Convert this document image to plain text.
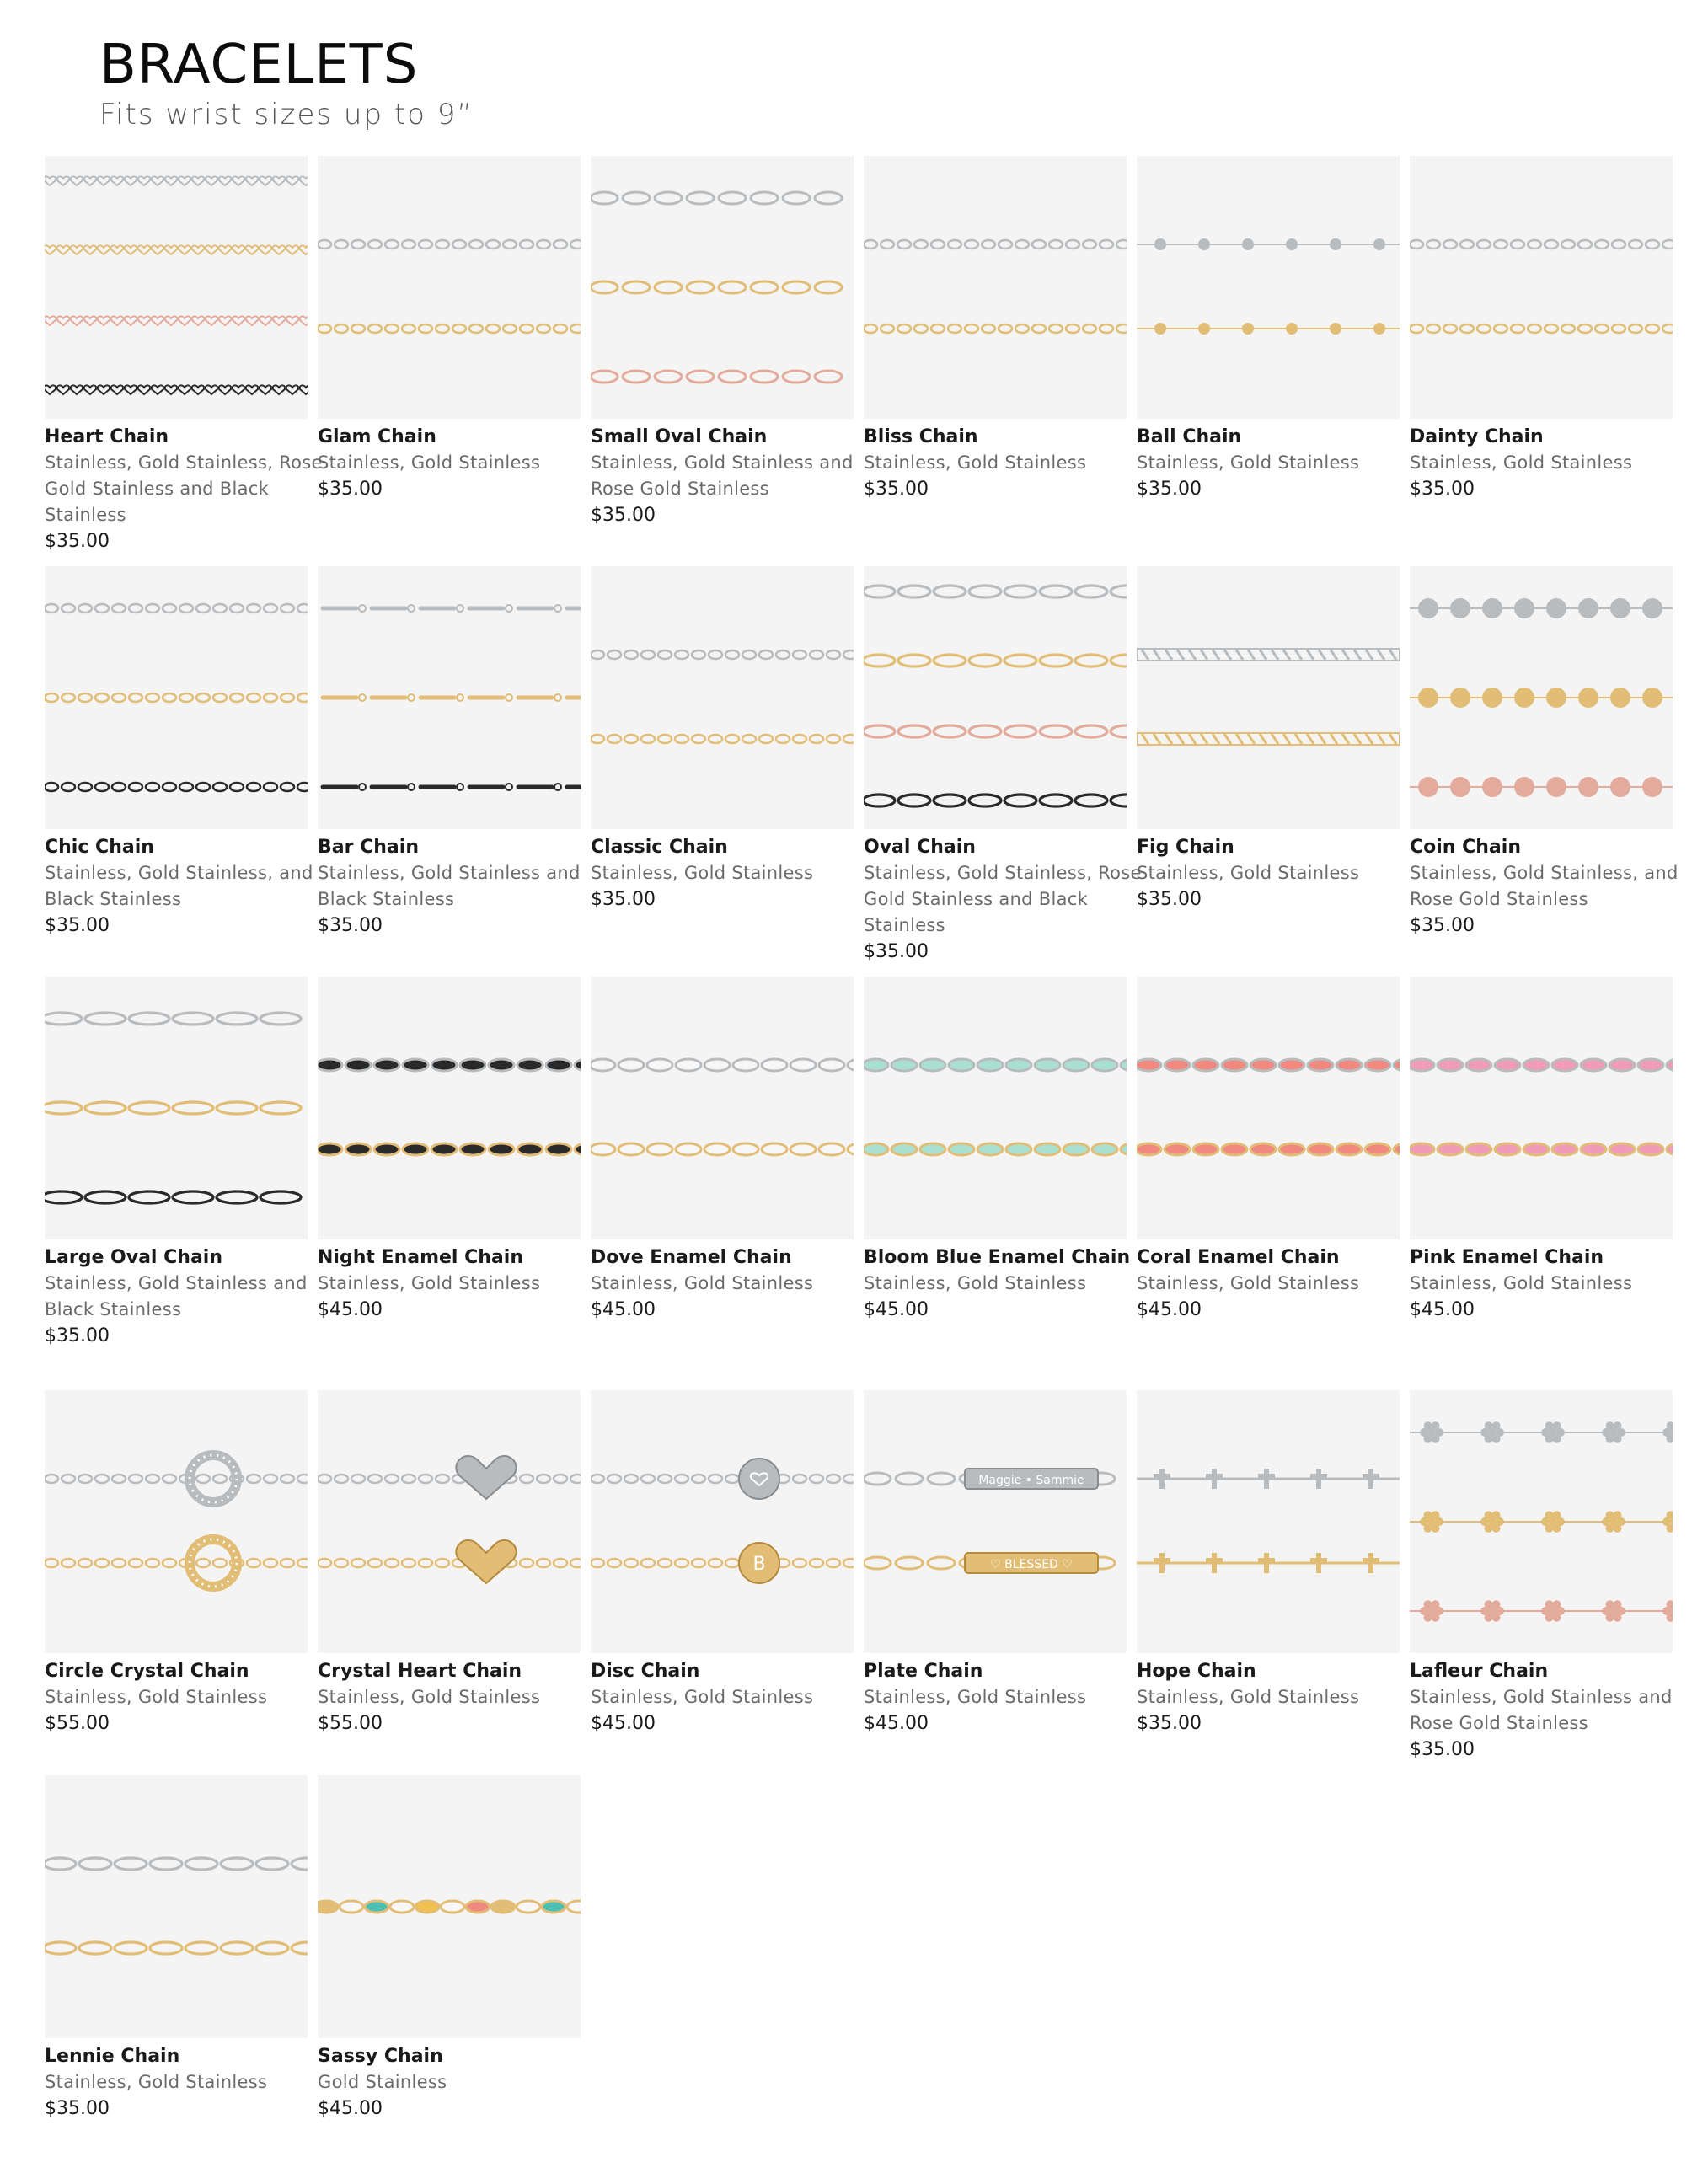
BRACELETS

Fits wrist sizes up to 9”

Heart Chain
Stainless, Gold Stainless, Rose Gold Stainless and Black Stainless
$35.00
Glam Chain
Stainless, Gold Stainless
$35.00
Small Oval Chain
Stainless, Gold Stainless and Rose Gold Stainless
$35.00
Bliss Chain
Stainless, Gold Stainless
$35.00
Ball Chain
Stainless, Gold Stainless
$35.00
Dainty Chain
Stainless, Gold Stainless
$35.00
Chic Chain
Stainless, Gold Stainless, and Black Stainless
$35.00
Bar Chain
Stainless, Gold Stainless and Black Stainless
$35.00
Classic Chain
Stainless, Gold Stainless
$35.00
Oval Chain
Stainless, Gold Stainless, Rose Gold Stainless and Black Stainless
$35.00
Fig Chain
Stainless, Gold Stainless
$35.00
Coin Chain
Stainless, Gold Stainless, and Rose Gold Stainless
$35.00
Large Oval Chain
Stainless, Gold Stainless and Black Stainless
$35.00
Night Enamel Chain
Stainless, Gold Stainless
$45.00
Dove Enamel Chain
Stainless, Gold Stainless
$45.00
Bloom Blue Enamel Chain
Stainless, Gold Stainless
$45.00
Coral Enamel Chain
Stainless, Gold Stainless
$45.00
Pink Enamel Chain
Stainless, Gold Stainless
$45.00
Circle Crystal Chain
Stainless, Gold Stainless
$55.00
Crystal Heart Chain
Stainless, Gold Stainless
$55.00
B
Disc Chain
Stainless, Gold Stainless
$45.00
Maggie • Sammie
♡ BLESSED ♡
Plate Chain
Stainless, Gold Stainless
$45.00
Hope Chain
Stainless, Gold Stainless
$35.00
Lafleur Chain
Stainless, Gold Stainless and Rose Gold Stainless
$35.00
Lennie Chain
Stainless, Gold Stainless
$35.00
Sassy Chain
Gold Stainless
$45.00
